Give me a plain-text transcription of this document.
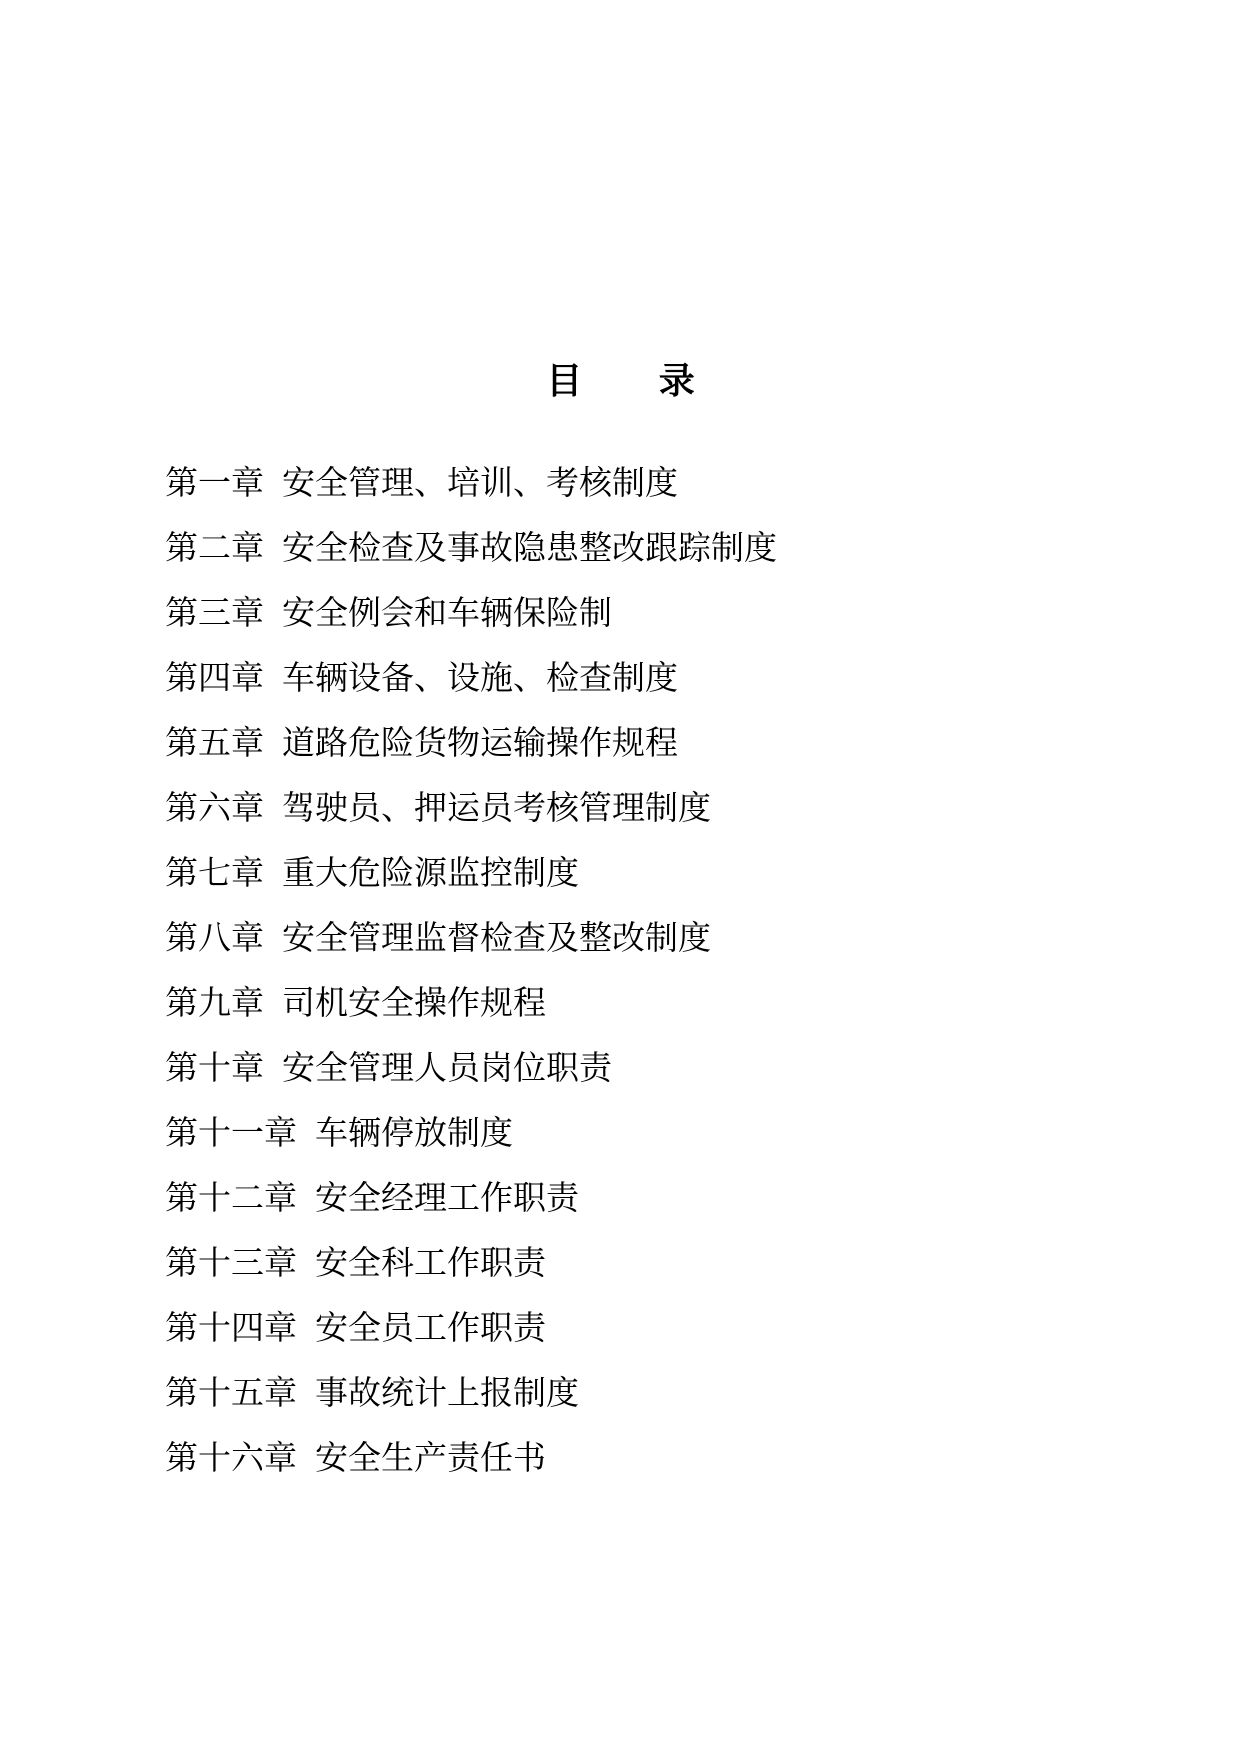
目 录
第一章 安全管理、培训、考核制度
第二章 安全检查及事故隐患整改跟踪制度
第三章 安全例会和车辆保险制
第四章 车辆设备、设施、检查制度
第五章 道路危险货物运输操作规程
第六章 驾驶员、押运员考核管理制度
第七章 重大危险源监控制度
第八章 安全管理监督检查及整改制度
第九章 司机安全操作规程
第十章 安全管理人员岗位职责
第十一章 车辆停放制度
第十二章 安全经理工作职责
第十三章 安全科工作职责
第十四章 安全员工作职责
第十五章 事故统计上报制度
第十六章 安全生产责任书
